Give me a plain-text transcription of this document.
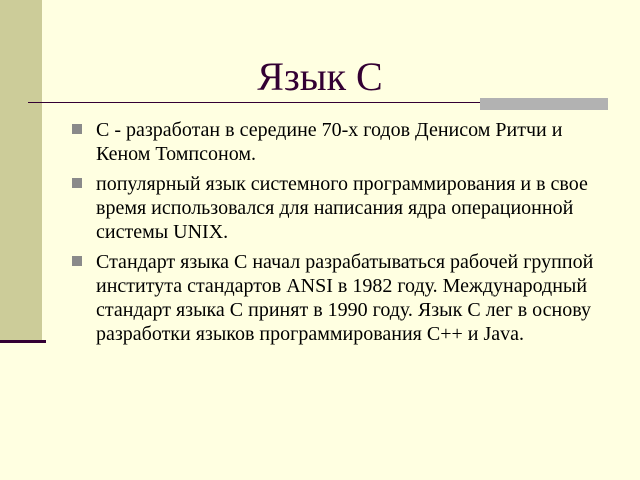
Язык С
С - разработан в середине 70-х годов Денисом Ритчи и Кеном Томпсоном.
популярный язык системного программирования и в свое время использовался для написания ядра операционной системы UNIX.
Стандарт языка С начал разрабатываться рабочей группой института стандартов ANSI в 1982 году. Международный стандарт языка С принят в 1990 году. Язык С лег в основу разработки языков программирования С++ и Java.
